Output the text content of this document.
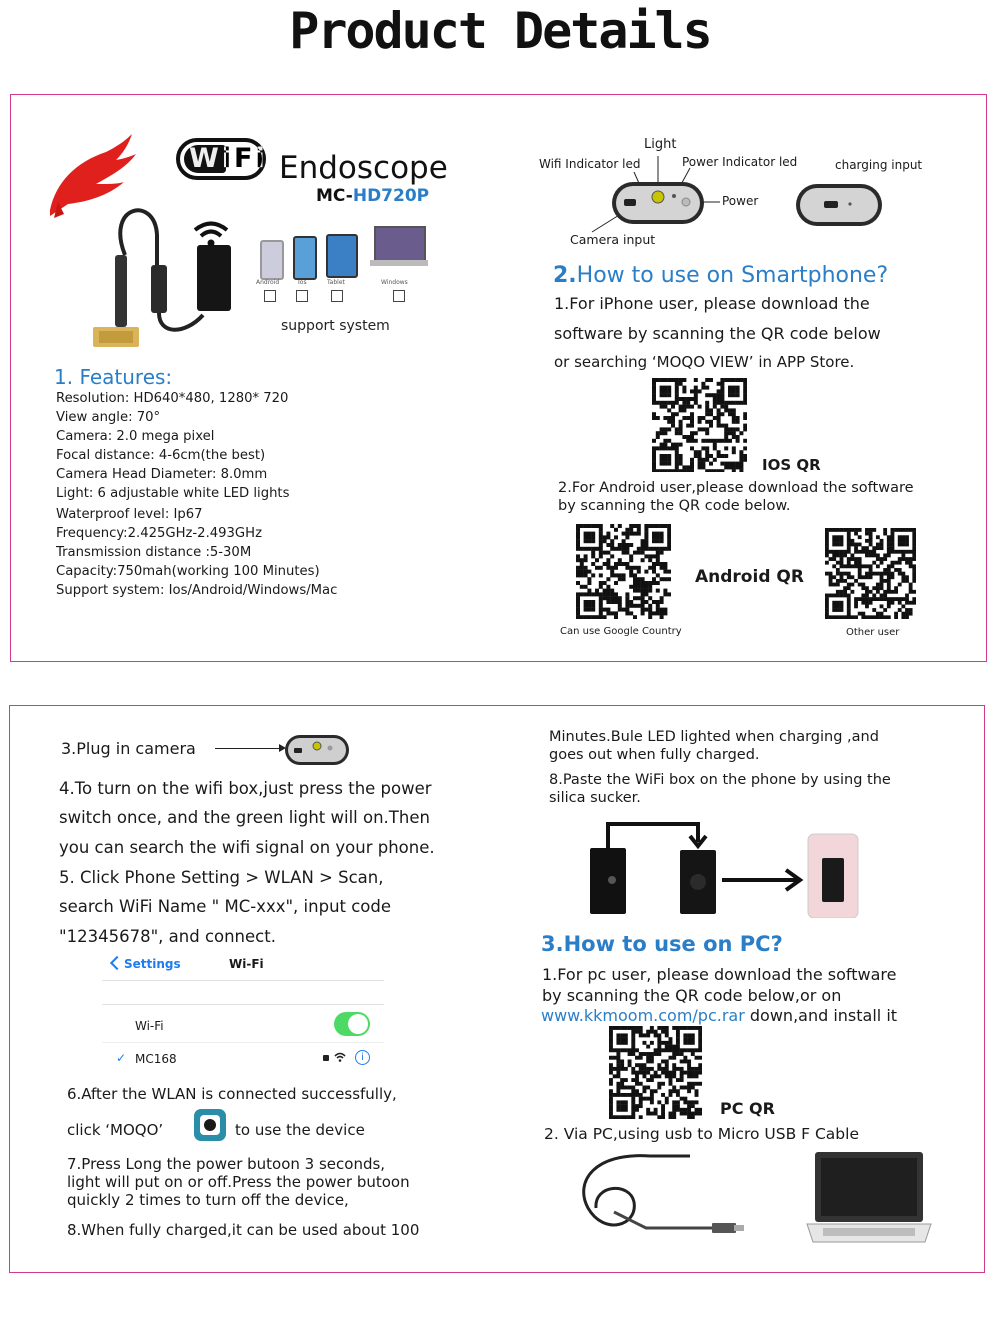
Product Details
WiFi Endoscope
MC-HD720P
Android	Ios	Tablet	Windows
support system
1. Features:
Resolution: HD640*480, 1280* 720
View angle: 70°
Camera: 2.0 mega pixel
Focal distance: 4-6cm(the best)
Camera Head Diameter: 8.0mm
Light: 6 adjustable white LED lights
Waterproof level: Ip67
Frequency:2.425GHz-2.493GHz
Transmission distance :5-30M
Capacity:750mah(working 100 Minutes)
Support system: Ios/Android/Windows/Mac
Light
Wifi Indicator led	Power Indicator led	charging input
Power
Camera input
2.How to use on Smartphone?
1.For iPhone user, please download the
software by scanning the QR code below
or searching ‘MOQO VIEW’ in APP Store.
IOS QR
2.For Android user,please download the software
by scanning the QR code below.
Android QR
Can use Google Country	Other user
3.Plug in camera
4.To turn on the wifi box,just press the power
switch once, and the green light will on.Then
you can search the wifi signal on your phone.
5. Click Phone Setting > WLAN > Scan,
search WiFi Name " MC-xxx", input code
"12345678", and connect.
Settings	Wi-Fi
Wi-Fi
✓ MC168	i
6.After the WLAN is connected successfully,
click ‘MOQO’	to use the device
7.Press Long the power butoon 3 seconds,
light will put on or off.Press the power butoon
quickly 2 times to turn off the device,
8.When fully charged,it can be used about 100
Minutes.Bule LED lighted when charging ,and
goes out when fully charged.
8.Paste the WiFi box on the phone by using the
silica sucker.
3.How to use on PC?
1.For pc user, please download the software
by scanning the QR code below,or on
www.kkmoom.com/pc.rar down,and install it
PC QR
2. Via PC,using usb to Micro USB F Cable
